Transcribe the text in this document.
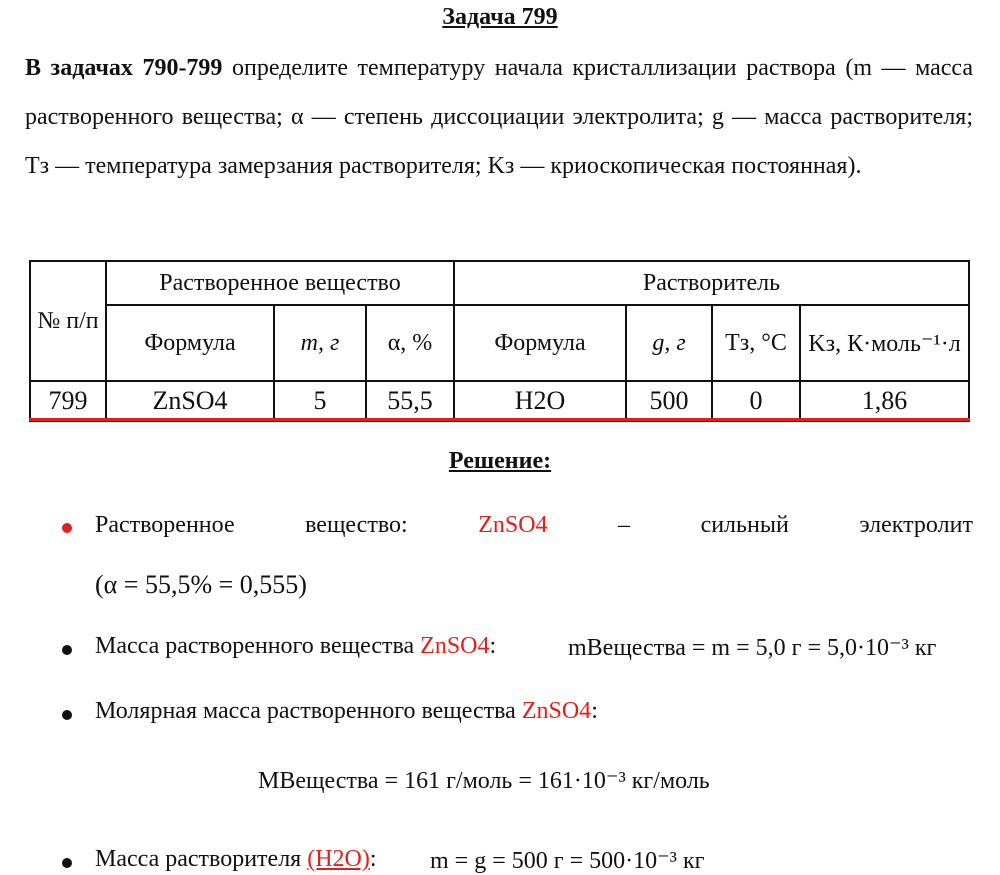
Задача 799
В задачах 790-799 определите температуру начала кристаллизации раствора (m — масса растворенного вещества; α — степень диссоциации электролита; g — масса растворителя; Tз — температура замерзания растворителя; Kз — криоскопическая постоянная).
№ п/п	Растворенное вещество			Растворитель			
	Формула	m, г	α, %	Формула	g, г	Tз, °C	Kз, К·моль⁻¹·л
799	ZnSO4	5	55,5	H2O	500	0	1,86
Решение:
Растворенное	вещество:	ZnSO4	–	сильный	электролит
(α = 55,5% = 0,555)
Масса растворенного вещества ZnSO4:	mВещества = m = 5,0 г = 5,0·10⁻³ кг
Молярная масса растворенного вещества ZnSO4:
MВещества = 161 г/моль = 161·10⁻³ кг/моль
Масса растворителя (H2O): m = g = 500 г = 500·10⁻³ кг
